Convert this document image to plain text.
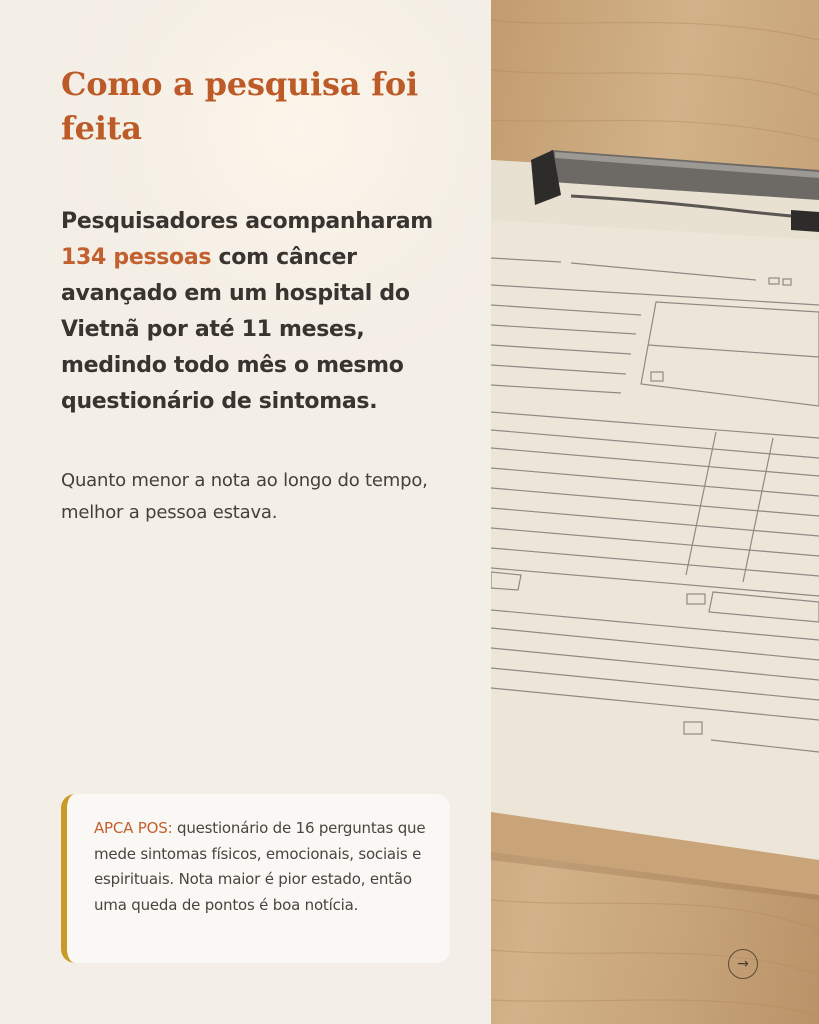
Como a pesquisa foi feita

Pesquisadores acompanharam 134 pessoas com câncer avançado em um hospital do Vietnã por até 11 meses, medindo todo mês o mesmo questionário de sintomas.

Quanto menor a nota ao longo do tempo, melhor a pessoa estava.

APCA POS: questionário de 16 perguntas que mede sintomas físicos, emocionais, sociais e espirituais. Nota maior é pior estado, então uma queda de pontos é boa notícia.
→
